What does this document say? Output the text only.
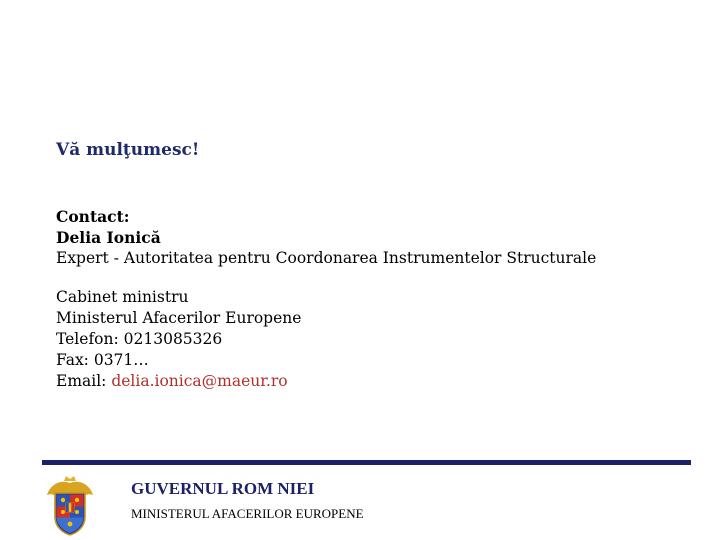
Vă mulţumesc!
Contact:
Delia Ionică
Expert - Autoritatea pentru Coordonarea Instrumentelor Structurale
Cabinet ministru
Ministerul Afacerilor Europene
Telefon: 0213085326
Fax: 0371…
Email: delia.ionica@maeur.ro
GUVERNUL ROM NIEI
MINISTERUL AFACERILOR EUROPENE
